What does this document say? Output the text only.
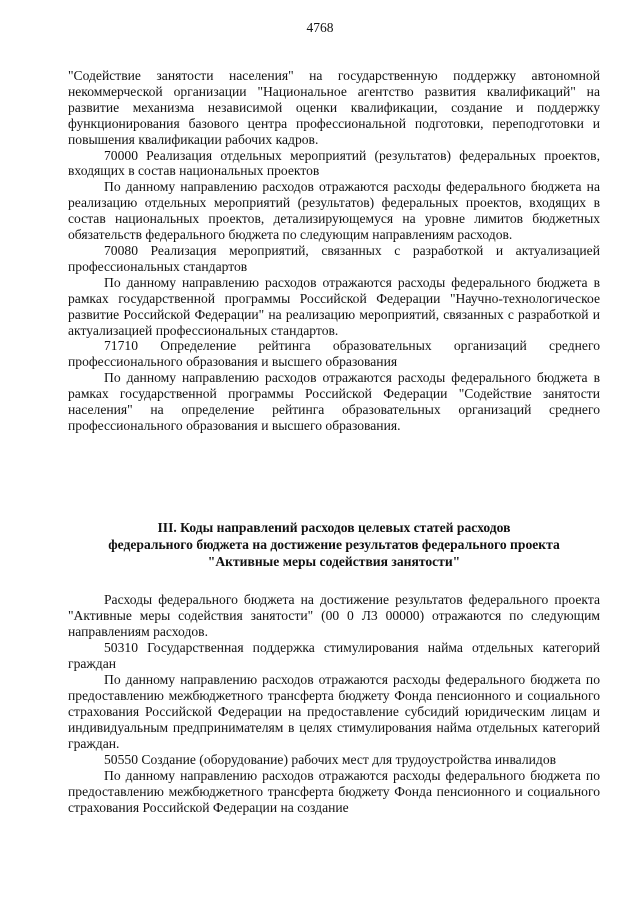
4768

"Содействие занятости населения" на государственную поддержку автономной некоммерческой организации "Национальное агентство развития квалификаций" на развитие механизма независимой оценки квалификации, создание и поддержку функционирования базового центра профессиональной подготовки, переподготовки и повышения квалификации рабочих кадров.

70000 Реализация отдельных мероприятий (результатов) федеральных проектов, входящих в состав национальных проектов

По данному направлению расходов отражаются расходы федерального бюджета на реализацию отдельных мероприятий (результатов) федеральных проектов, входящих в состав национальных проектов, детализирующемуся на уровне лимитов бюджетных обязательств федерального бюджета по следующим направлениям расходов.

70080 Реализация мероприятий, связанных с разработкой и актуализацией профессиональных стандартов

По данному направлению расходов отражаются расходы федерального бюджета в рамках государственной программы Российской Федерации "Научно-технологическое развитие Российской Федерации" на реализацию мероприятий, связанных с разработкой и актуализацией профессиональных стандартов.

71710 Определение рейтинга образовательных организаций среднего профессионального образования и высшего образования

По данному направлению расходов отражаются расходы федерального бюджета в рамках государственной программы Российской Федерации "Содействие занятости населения" на определение рейтинга образовательных организаций среднего профессионального образования и высшего образования.

III. Коды направлений расходов целевых статей расходов

федерального бюджета на достижение результатов федерального проекта

"Активные меры содействия занятости"

Расходы федерального бюджета на достижение результатов федерального проекта "Активные меры содействия занятости" (00 0 Л3 00000) отражаются по следующим направлениям расходов.

50310 Государственная поддержка стимулирования найма отдельных категорий граждан

По данному направлению расходов отражаются расходы федерального бюджета по предоставлению межбюджетного трансферта бюджету Фонда пенсионного и социального страхования Российской Федерации на предоставление субсидий юридическим лицам и индивидуальным предпринимателям в целях стимулирования найма отдельных категорий граждан.

50550 Создание (оборудование) рабочих мест для трудоустройства инвалидов

По данному направлению расходов отражаются расходы федерального бюджета по предоставлению межбюджетного трансферта бюджету Фонда пенсионного и социального страхования Российской Федерации на создание
